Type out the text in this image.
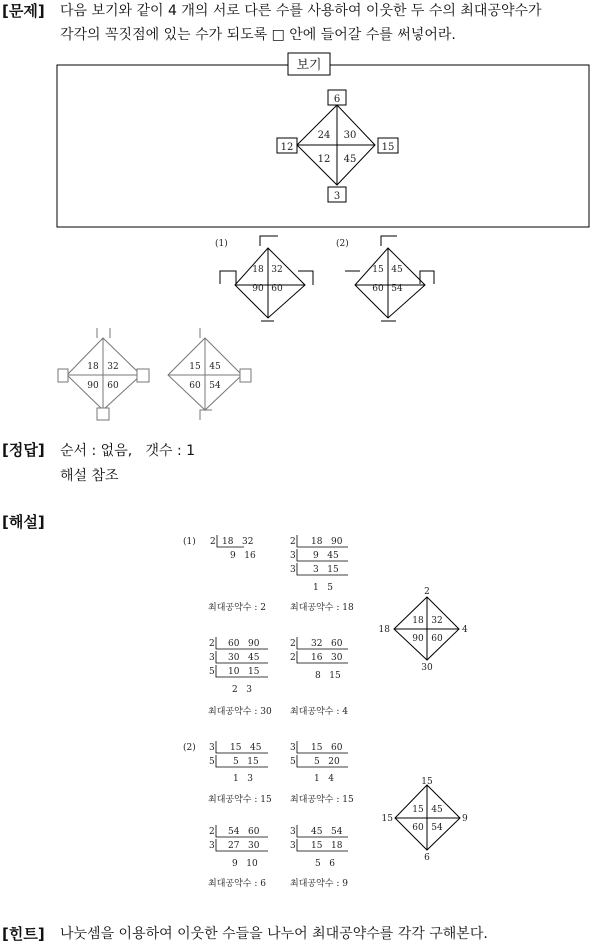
[문제] 다음 보기와 같이 4 개의 서로 다른 수를 사용하여 이웃한 두 수의 최대공약수가
각각의 꼭짓점에 있는 수가 되도록 □ 안에 들어갈 수를 써넣어라.
보기
6
12	15
3
24 30
12 45
(1)
18 32
90 60
(2)
15 45
60 54
18 32
90 60
15 45
60 54
(1) 2 18   32
9   16
최대공약수 : 2
2
3
3
18   90
9   45
3   15
1   5
최대공약수 : 18
2
3
5
60   90
30   45
10   15
2   3
최대공약수 : 30
2
2
32   60
16   30
8   15
최대공약수 : 4
2
18	4
30
18 32
90 60
(2) 3
5
15   45
5   15
1   3
최대공약수 : 15
3
5
15   60
5   20
1   4
최대공약수 : 15
2
3
54   60
27   30
9   10
최대공약수 : 6
3
3
45   54
15   18
5   6
최대공약수 : 9
15
15	9
6
15 45
60 54
[정답] 순서 : 없음,   갯수 : 1
해설 참조
[해설]
[힌트] 나눗셈을 이용하여 이웃한 수들을 나누어 최대공약수를 각각 구해본다.
